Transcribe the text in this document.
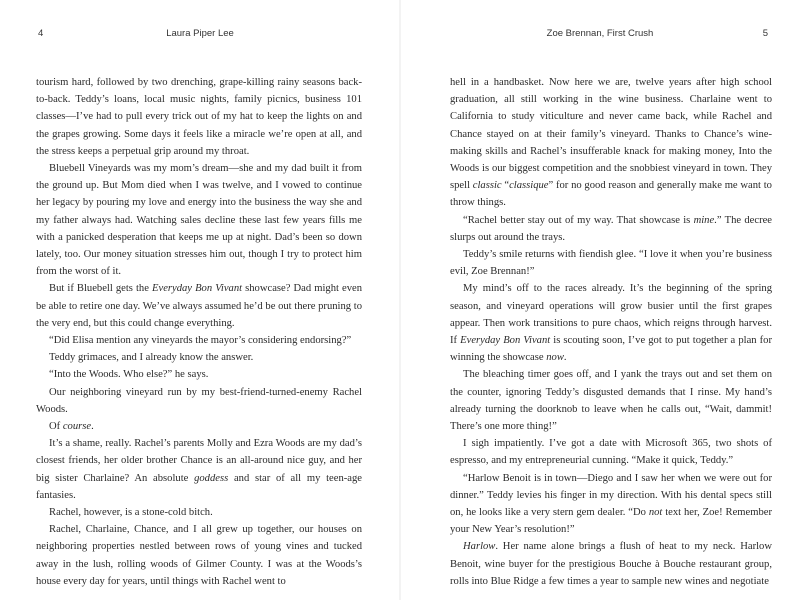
4	Laura Piper Lee

tourism hard, followed by two drenching, grape-killing rainy seasons back-to-back. Teddy’s loans, local music nights, family picnics, business 101 classes—I’ve had to pull every trick out of my hat to keep the lights on and the grapes growing. Some days it feels like a miracle we’re open at all, and the stress keeps a perpetual grip around my throat.

Bluebell Vineyards was my mom’s dream—she and my dad built it from the ground up. But Mom died when I was twelve, and I vowed to continue her legacy by pouring my love and energy into the business the way she and my father always had. Watching sales decline these last few years fills me with a panicked desperation that keeps me up at night. Dad’s been so down lately, too. Our money situation stresses him out, though I try to protect him from the worst of it.

But if Bluebell gets the Everyday Bon Vivant showcase? Dad might even be able to retire one day. We’ve always assumed he’d be out there pruning to the very end, but this could change everything.

“Did Elisa mention any vineyards the mayor’s considering endorsing?”

Teddy grimaces, and I already know the answer.

“Into the Woods. Who else?” he says.

Our neighboring vineyard run by my best-friend-turned-enemy Rachel Woods.

Of course.

It’s a shame, really. Rachel’s parents Molly and Ezra Woods are my dad’s closest friends, her older brother Chance is an all-around nice guy, and her big sister Charlaine? An absolute goddess and star of all my teen-age fantasies.

Rachel, however, is a stone-cold bitch.

Rachel, Charlaine, Chance, and I all grew up together, our houses on neighboring properties nestled between rows of young vines and tucked away in the lush, rolling woods of Gilmer County. I was at the Woods’s house every day for years, until things with Rachel went to

Zoe Brennan, First Crush	5

hell in a handbasket. Now here we are, twelve years after high school graduation, all still working in the wine business. Charlaine went to California to study viticulture and never came back, while Rachel and Chance stayed on at their family’s vineyard. Thanks to Chance’s wine-making skills and Rachel’s insufferable knack for making money, Into the Woods is our biggest competition and the snobbiest vineyard in town. They spell classic “classique” for no good reason and generally make me want to throw things.

“Rachel better stay out of my way. That showcase is mine.” The decree slurps out around the trays.

Teddy’s smile returns with fiendish glee. “I love it when you’re business evil, Zoe Brennan!”

My mind’s off to the races already. It’s the beginning of the spring season, and vineyard operations will grow busier until the first grapes appear. Then work transitions to pure chaos, which reigns through harvest. If Everyday Bon Vivant is scouting soon, I’ve got to put together a plan for winning the showcase now.

The bleaching timer goes off, and I yank the trays out and set them on the counter, ignoring Teddy’s disgusted demands that I rinse. My hand’s already turning the doorknob to leave when he calls out, “Wait, dammit! There’s one more thing!”

I sigh impatiently. I’ve got a date with Microsoft 365, two shots of espresso, and my entrepreneurial cunning. “Make it quick, Teddy.”

“Harlow Benoit is in town—Diego and I saw her when we were out for dinner.” Teddy levies his finger in my direction. With his dental specs still on, he looks like a very stern gem dealer. “Do not text her, Zoe! Remember your New Year’s resolution!”

Harlow. Her name alone brings a flush of heat to my neck. Harlow Benoit, wine buyer for the prestigious Bouche à Bouche restaurant group, rolls into Blue Ridge a few times a year to sample new wines and negotiate
